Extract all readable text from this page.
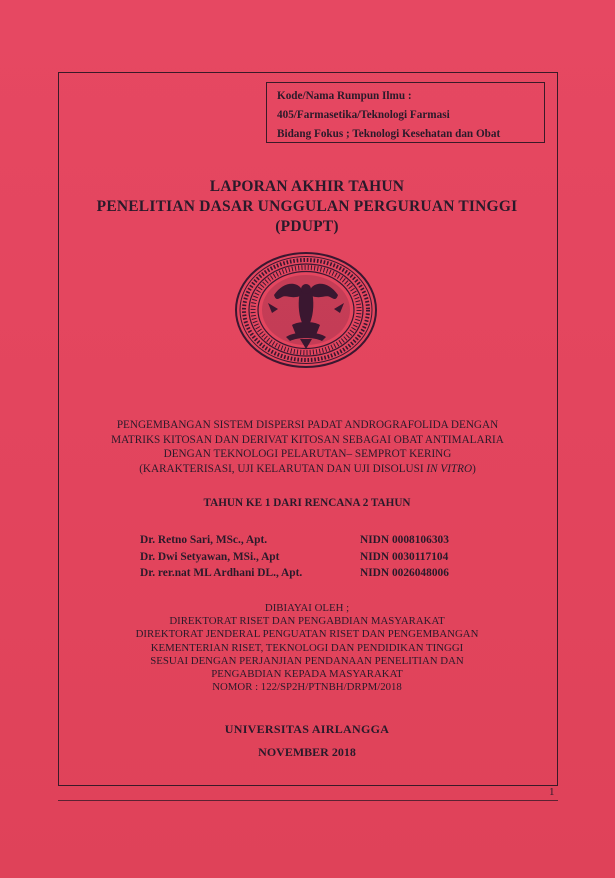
Kode/Nama Rumpun Ilmu :
405/Farmasetika/Teknologi Farmasi
Bidang Fokus ; Teknologi Kesehatan dan Obat
LAPORAN AKHIR TAHUN
PENELITIAN DASAR UNGGULAN PERGURUAN TINGGI
(PDUPT)
PENGEMBANGAN SISTEM DISPERSI PADAT ANDROGRAFOLIDA DENGAN
MATRIKS KITOSAN DAN DERIVAT KITOSAN SEBAGAI OBAT ANTIMALARIA
DENGAN TEKNOLOGI PELARUTAN– SEMPROT KERING
(KARAKTERISASI, UJI KELARUTAN DAN UJI DISOLUSI IN VITRO)
TAHUN KE 1 DARI RENCANA 2 TAHUN
Dr. Retno Sari, MSc., Apt.	NIDN 0008106303
Dr. Dwi Setyawan, MSi., Apt	NIDN 0030117104
Dr. rer.nat ML Ardhani DL., Apt.	NIDN 0026048006
DIBIAYAI OLEH ;
DIREKTORAT RISET DAN PENGABDIAN MASYARAKAT
DIREKTORAT JENDERAL PENGUATAN RISET DAN PENGEMBANGAN
KEMENTERIAN RISET, TEKNOLOGI DAN PENDIDIKAN TINGGI
SESUAI DENGAN PERJANJIAN PENDANAAN PENELITIAN DAN
PENGABDIAN KEPADA MASYARAKAT
NOMOR : 122/SP2H/PTNBH/DRPM/2018
UNIVERSITAS AIRLANGGA
NOVEMBER 2018
1
